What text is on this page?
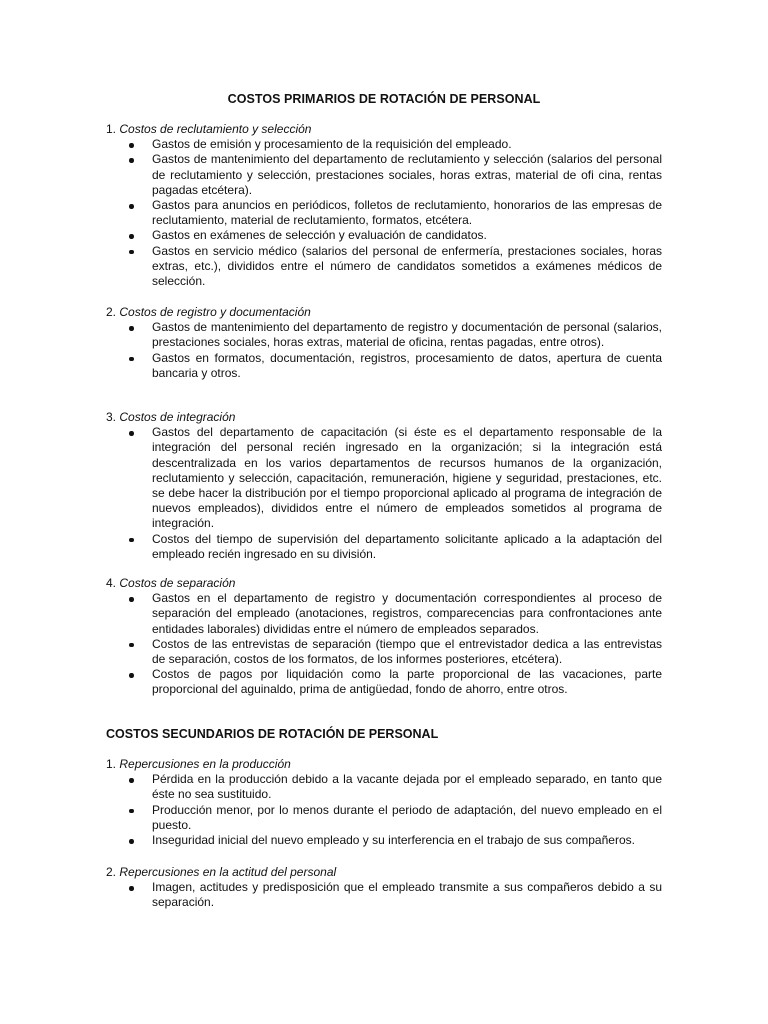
COSTOS PRIMARIOS DE ROTACIÓN DE PERSONAL
1. Costos de reclutamiento y selección
Gastos de emisión y procesamiento de la requisición del empleado.
Gastos de mantenimiento del departamento de reclutamiento y selección (salarios del personal de reclutamiento y selección, prestaciones sociales, horas extras, material de ofi cina, rentas pagadas etcétera).
Gastos para anuncios en periódicos, folletos de reclutamiento, honorarios de las empresas de reclutamiento, material de reclutamiento, formatos, etcétera.
Gastos en exámenes de selección y evaluación de candidatos.
Gastos en servicio médico (salarios del personal de enfermería, prestaciones sociales, horas extras, etc.), divididos entre el número de candidatos sometidos a exámenes médicos de selección.
2. Costos de registro y documentación
Gastos de mantenimiento del departamento de registro y documentación de personal (salarios, prestaciones sociales, horas extras, material de oficina, rentas pagadas, entre otros).
Gastos en formatos, documentación, registros, procesamiento de datos, apertura de cuenta bancaria y otros.
3. Costos de integración
Gastos del departamento de capacitación (si éste es el departamento responsable de la integración del personal recién ingresado en la organización; si la integración está descentralizada en los varios departamentos de recursos humanos de la organización, reclutamiento y selección, capacitación, remuneración, higiene y seguridad, prestaciones, etc. se debe hacer la distribución por el tiempo proporcional aplicado al programa de integración de nuevos empleados), divididos entre el número de empleados sometidos al programa de integración.
Costos del tiempo de supervisión del departamento solicitante aplicado a la adaptación del empleado recién ingresado en su división.
4. Costos de separación
Gastos en el departamento de registro y documentación correspondientes al proceso de separación del empleado (anotaciones, registros, comparecencias para confrontaciones ante entidades laborales) divididas entre el número de empleados separados.
Costos de las entrevistas de separación (tiempo que el entrevistador dedica a las entrevistas de separación, costos de los formatos, de los informes posteriores, etcétera).
Costos de pagos por liquidación como la parte proporcional de las vacaciones, parte proporcional del aguinaldo, prima de antigüedad, fondo de ahorro, entre otros.
COSTOS SECUNDARIOS DE ROTACIÓN DE PERSONAL
1. Repercusiones en la producción
Pérdida en la producción debido a la vacante dejada por el empleado separado, en tanto que éste no sea sustituido.
Producción menor, por lo menos durante el periodo de adaptación, del nuevo empleado en el puesto.
Inseguridad inicial del nuevo empleado y su interferencia en el trabajo de sus compañeros.
2. Repercusiones en la actitud del personal
Imagen, actitudes y predisposición que el empleado transmite a sus compañeros debido a su separación.
